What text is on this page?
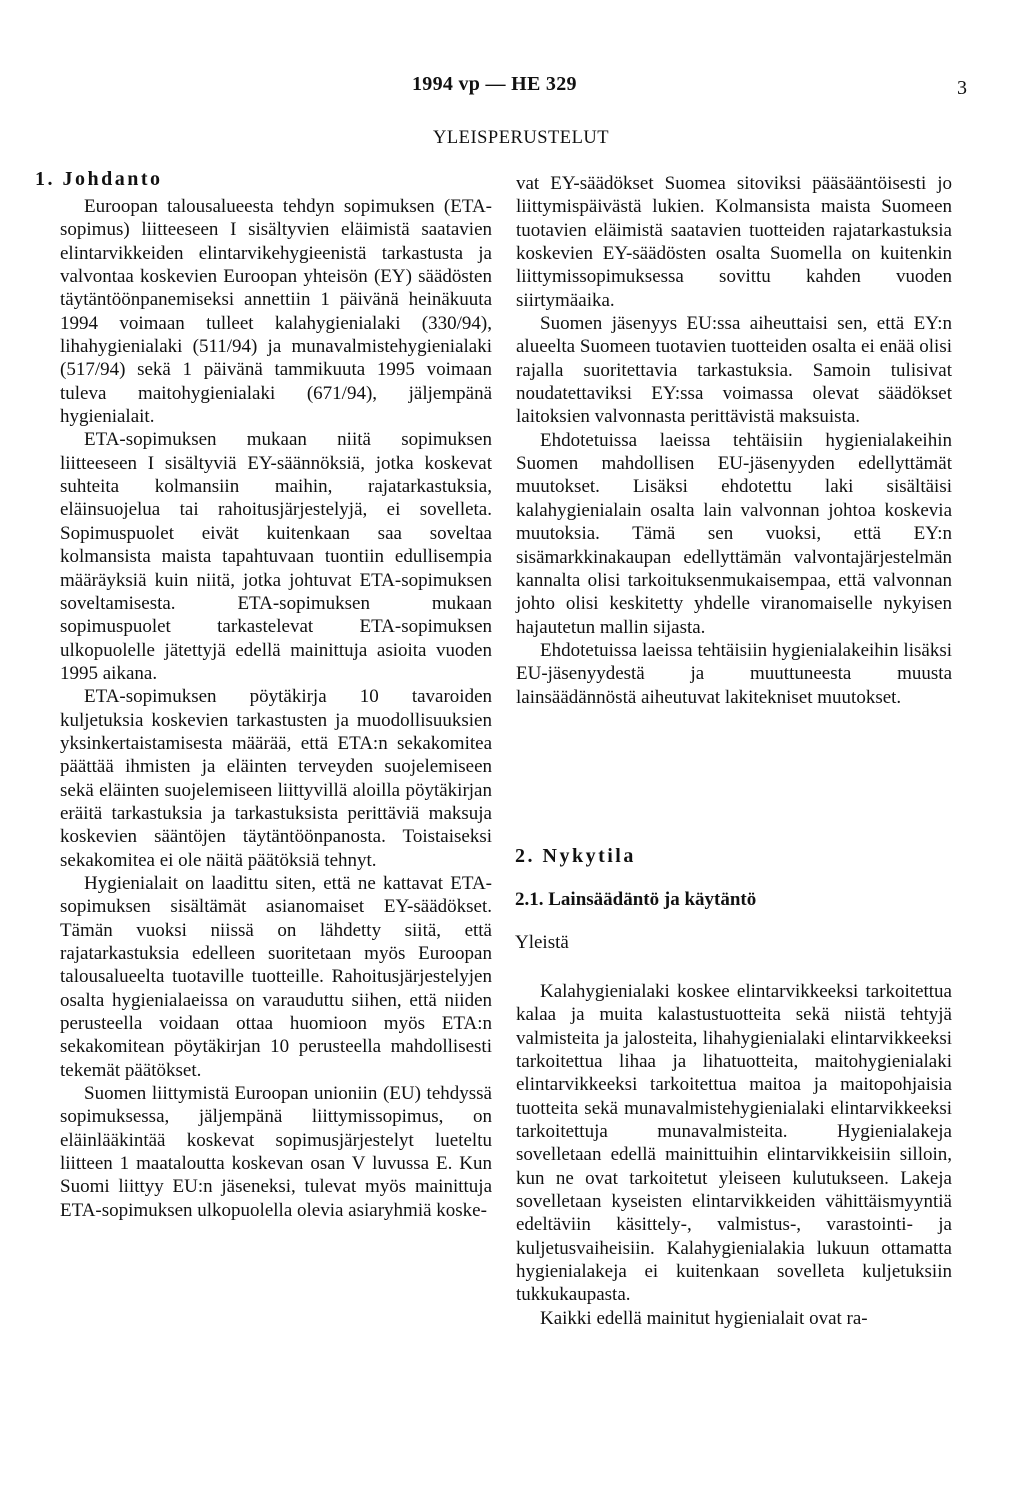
1994 vp — HE 329	3
YLEISPERUSTELUT
1. Johdanto

Euroopan talousalueesta tehdyn sopimuksen (ETA-sopimus) liitteeseen I sisältyvien eläimistä saatavien elintarvikkeiden elintarvikehygieenistä tarkastusta ja valvontaa koskevien Euroopan yhteisön (EY) säädösten täytäntöönpanemiseksi annettiin 1 päivänä heinäkuuta 1994 voimaan tulleet kalahygienialaki (330/94), lihahygienialaki (511/94) ja munavalmistehygienialaki (517/94) sekä 1 päivänä tammikuuta 1995 voimaan tuleva maitohygienialaki (671/94), jäljempänä hygienialait.

ETA-sopimuksen mukaan niitä sopimuksen liitteeseen I sisältyviä EY-säännöksiä, jotka koskevat suhteita kolmansiin maihin, rajatarkastuksia, eläinsuojelua tai rahoitusjärjestelyjä, ei sovelleta. Sopimuspuolet eivät kuitenkaan saa soveltaa kolmansista maista tapahtuvaan tuontiin edullisempia määräyksiä kuin niitä, jotka johtuvat ETA-sopimuksen soveltamisesta. ETA-sopimuksen mukaan sopimuspuolet tarkastelevat ETA-sopimuksen ulkopuolelle jätettyjä edellä mainittuja asioita vuoden 1995 aikana.

ETA-sopimuksen pöytäkirja 10 tavaroiden kuljetuksia koskevien tarkastusten ja muodollisuuksien yksinkertaistamisesta määrää, että ETA:n sekakomitea päättää ihmisten ja eläinten terveyden suojelemiseen sekä eläinten suojelemiseen liittyvillä aloilla pöytäkirjan eräitä tarkastuksia ja tarkastuksista perittäviä maksuja koskevien sääntöjen täytäntöönpanosta. Toistaiseksi sekakomitea ei ole näitä päätöksiä tehnyt.

Hygienialait on laadittu siten, että ne kattavat ETA-sopimuksen sisältämät asianomaiset EY-säädökset. Tämän vuoksi niissä on lähdetty siitä, että rajatarkastuksia edelleen suoritetaan myös Euroopan talousalueelta tuotaville tuotteille. Rahoitusjärjestelyjen osalta hygienialaeissa on varauduttu siihen, että niiden perusteella voidaan ottaa huomioon myös ETA:n sekakomitean pöytäkirjan 10 perusteella mahdollisesti tekemät päätökset.

Suomen liittymistä Euroopan unioniin (EU) tehdyssä sopimuksessa, jäljempänä liittymissopimus, on eläinlääkintää koskevat sopimusjärjestelyt lueteltu liitteen 1 maataloutta koskevan osan V luvussa E. Kun Suomi liittyy EU:n jäseneksi, tulevat myös mainittuja ETA-sopimuksen ulkopuolella olevia asiaryhmiä koske-

vat EY-säädökset Suomea sitoviksi pääsääntöisesti jo liittymispäivästä lukien. Kolmansista maista Suomeen tuotavien eläimistä saatavien tuotteiden rajatarkastuksia koskevien EY-säädösten osalta Suomella on kuitenkin liittymissopimuksessa sovittu kahden vuoden siirtymäaika.

Suomen jäsenyys EU:ssa aiheuttaisi sen, että EY:n alueelta Suomeen tuotavien tuotteiden osalta ei enää olisi rajalla suoritettavia tarkastuksia. Samoin tulisivat noudatettaviksi EY:ssa voimassa olevat säädökset laitoksien valvonnasta perittävistä maksuista.

Ehdotetuissa laeissa tehtäisiin hygienialakeihin Suomen mahdollisen EU-jäsenyyden edellyttämät muutokset. Lisäksi ehdotettu laki sisältäisi kalahygienialain osalta lain valvonnan johtoa koskevia muutoksia. Tämä sen vuoksi, että EY:n sisämarkkinakaupan edellyttämän valvontajärjestelmän kannalta olisi tarkoituksenmukaisempaa, että valvonnan johto olisi keskitetty yhdelle viranomaiselle nykyisen hajautetun mallin sijasta.

Ehdotetuissa laeissa tehtäisiin hygienialakeihin lisäksi EU-jäsenyydestä ja muuttuneesta muusta lainsäädännöstä aiheutuvat lakitekniset muutokset.

2. Nykytila
2.1. Lainsäädäntö ja käytäntö
Yleistä

Kalahygienialaki koskee elintarvikkeeksi tarkoitettua kalaa ja muita kalastustuotteita sekä niistä tehtyjä valmisteita ja jalosteita, lihahygienialaki elintarvikkeeksi tarkoitettua lihaa ja lihatuotteita, maitohygienialaki elintarvikkeeksi tarkoitettua maitoa ja maitopohjaisia tuotteita sekä munavalmistehygienialaki elintarvikkeeksi tarkoitettuja munavalmisteita. Hygienialakeja sovelletaan edellä mainittuihin elintarvikkeisiin silloin, kun ne ovat tarkoitetut yleiseen kulutukseen. Lakeja sovelletaan kyseisten elintarvikkeiden vähittäismyyntiä edeltäviin käsittely-, valmistus-, varastointi- ja kuljetusvaiheisiin. Kalahygienialakia lukuun ottamatta hygienialakeja ei kuitenkaan sovelleta kuljetuksiin tukkukaupasta.

Kaikki edellä mainitut hygienialait ovat ra-
